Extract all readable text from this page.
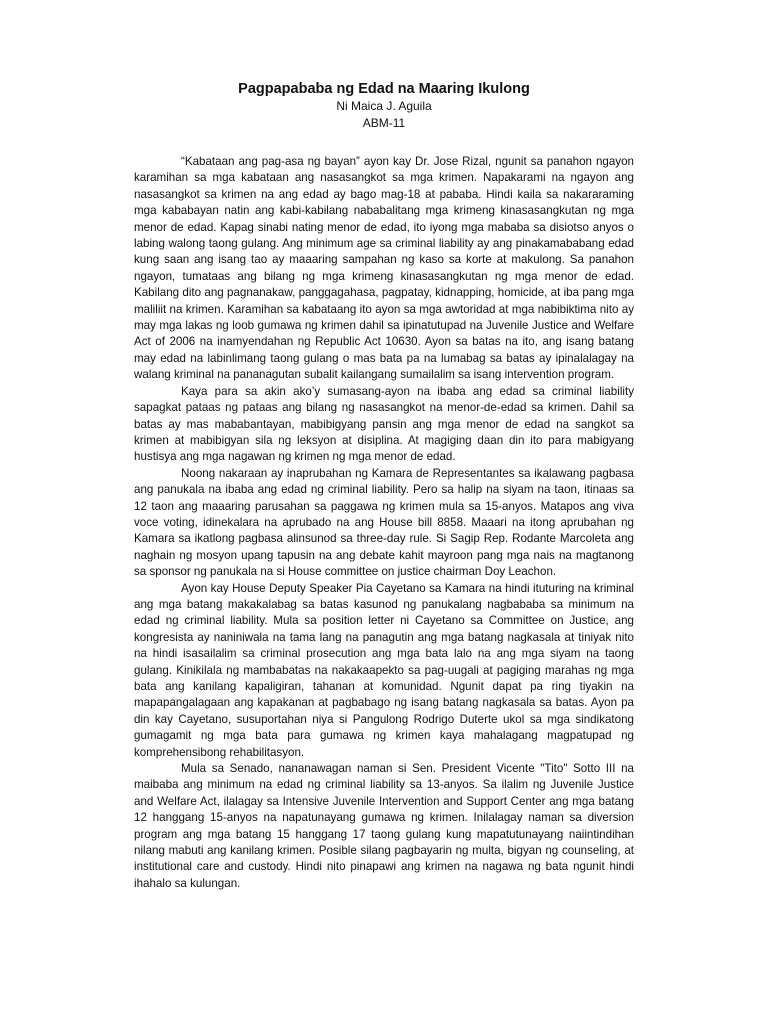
Pagpapababa ng Edad na Maaring Ikulong

Ni Maica J. Aguila

ABM-11

“Kabataan ang pag-asa ng bayan” ayon kay Dr. Jose Rizal, ngunit sa panahon ngayon karamihan sa mga kabataan ang nasasangkot sa mga krimen. Napakarami na ngayon ang nasasangkot sa krimen na ang edad ay bago mag-18 at pababa. Hindi kaila sa nakararaming mga kababayan natin ang kabi-kabilang nababalitang mga krimeng kinasasangkutan ng mga menor de edad. Kapag sinabi nating menor de edad, ito iyong mga mababa sa disiotso anyos o labing walong taong gulang. Ang minimum age sa criminal liability ay ang pinakamababang edad kung saan ang isang tao ay maaaring sampahan ng kaso sa korte at makulong. Sa panahon ngayon, tumataas ang bilang ng mga krimeng kinasasangkutan ng mga menor de edad. Kabilang dito ang pagnanakaw, panggagahasa, pagpatay, kidnapping, homicide, at iba pang mga maliliit na krimen. Karamihan sa kabataang ito ayon sa mga awtoridad at mga nabibiktima nito ay may mga lakas ng loob gumawa ng krimen dahil sa ipinatutupad na Juvenile Justice and Welfare Act of 2006 na inamyendahan ng Republic Act 10630. Ayon sa batas na ito, ang isang batang may edad na labinlimang taong gulang o mas bata pa na lumabag sa batas ay ipinalalagay na walang kriminal na pananagutan subalit kailangang sumailalim sa isang intervention program.

Kaya para sa akin ako’y sumasang-ayon na ibaba ang edad sa criminal liability sapagkat pataas ng pataas ang bilang ng nasasangkot na menor-de-edad sa krimen. Dahil sa batas ay mas mababantayan, mabibigyang pansin ang mga menor de edad na sangkot sa krimen at mabibigyan sila ng leksyon at disiplina. At magiging daan din ito para mabigyang hustisya ang mga nagawan ng krimen ng mga menor de edad.

Noong nakaraan ay inaprubahan ng Kamara de Representantes sa ikalawang pagbasa ang panukala na ibaba ang edad ng criminal liability. Pero sa halip na siyam na taon, itinaas sa 12 taon ang maaaring parusahan sa paggawa ng krimen mula sa 15-anyos. Matapos ang viva voce voting, idinekalara na aprubado na ang House bill 8858. Maaari na itong aprubahan ng Kamara sa ikatlong pagbasa alinsunod sa three-day rule. Si Sagip Rep. Rodante Marcoleta ang naghain ng mosyon upang tapusin na ang debate kahit mayroon pang mga nais na magtanong sa sponsor ng panukala na si House committee on justice chairman Doy Leachon.

Ayon kay House Deputy Speaker Pia Cayetano sa Kamara na hindi ituturing na kriminal ang mga batang makakalabag sa batas kasunod ng panukalang nagbababa sa minimum na edad ng criminal liability. Mula sa position letter ni Cayetano sa Committee on Justice, ang kongresista ay naniniwala na tama lang na panagutin ang mga batang nagkasala at tiniyak nito na hindi isasailalim sa criminal prosecution ang mga bata lalo na ang mga siyam na taong gulang. Kinikilala ng mambabatas na nakakaapekto sa pag-uugali at pagiging marahas ng mga bata ang kanilang kapaligiran, tahanan at komunidad. Ngunit dapat pa ring tiyakin na mapapangalagaan ang kapakanan at pagbabago ng isang batang nagkasala sa batas. Ayon pa din kay Cayetano, susuportahan niya si Pangulong Rodrigo Duterte ukol sa mga sindikatong gumagamit ng mga bata para gumawa ng krimen kaya mahalagang magpatupad ng komprehensibong rehabilitasyon.

Mula sa Senado, nananawagan naman si Sen. President Vicente "Tito" Sotto III na maibaba ang minimum na edad ng criminal liability sa 13-anyos. Sa ilalim ng Juvenile Justice and Welfare Act, ilalagay sa Intensive Juvenile Intervention and Support Center ang mga batang 12 hanggang 15-anyos na napatunayang gumawa ng krimen. Inilalagay naman sa diversion program ang mga batang 15 hanggang 17 taong gulang kung mapatutunayang naiintindihan nilang mabuti ang kanilang krimen. Posible silang pagbayarin ng multa, bigyan ng counseling, at institutional care and custody. Hindi nito pinapawi ang krimen na nagawa ng bata ngunit hindi ihahalo sa kulungan.
